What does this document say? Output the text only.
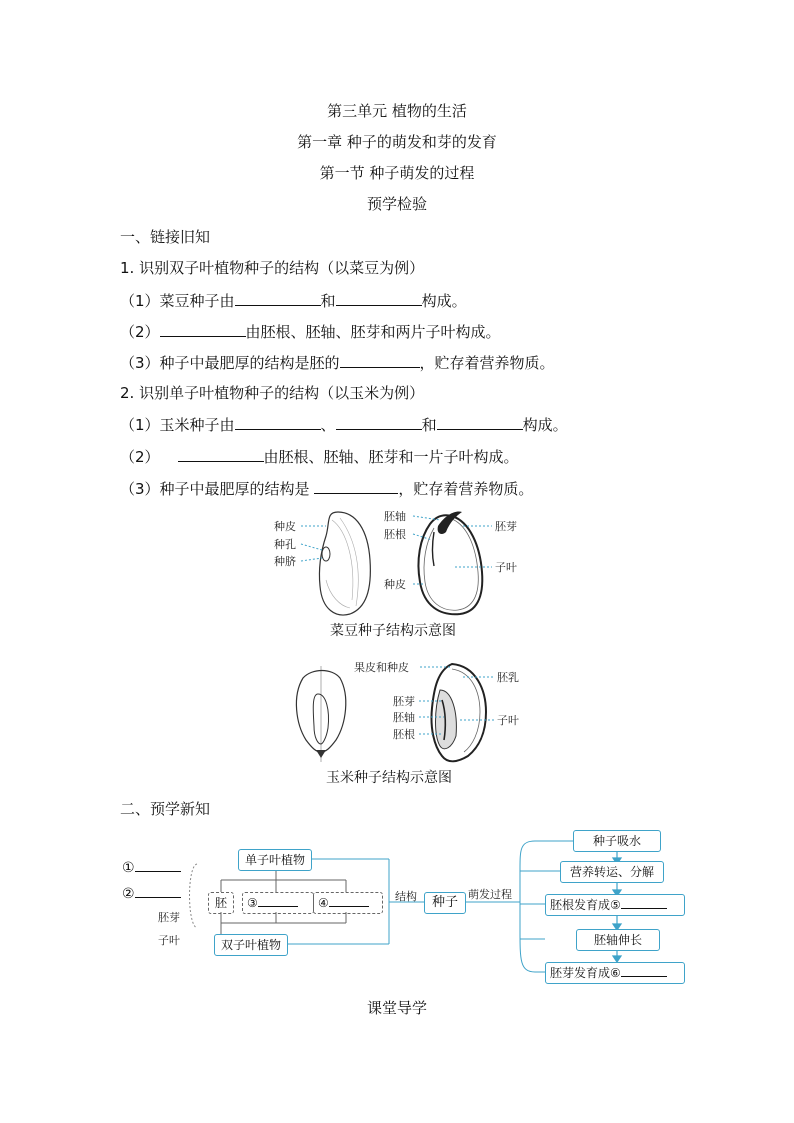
第三单元 植物的生活
第一章 种子的萌发和芽的发育
第一节 种子萌发的过程
预学检验
一、链接旧知
1. 识别双子叶植物种子的结构（以菜豆为例）
（1）菜豆种子由	和	构成。
（2）	由胚根、胚轴、胚芽和两片子叶构成。
（3）种子中最肥厚的结构是胚的	，贮存着营养物质。
2. 识别单子叶植物种子的结构（以玉米为例）
（1）玉米种子由	、	和	构成。
（2）	由胚根、胚轴、胚芽和一片子叶构成。
（3）种子中最肥厚的结构是	，贮存着营养物质。
种皮
种孔
种脐
胚轴
胚根
胚芽
子叶
种皮
菜豆种子结构示意图
果皮和种皮
胚乳
胚芽
胚轴	子叶
胚根
玉米种子结构示意图
二、预学新知
①
②
胚芽
子叶
单子叶植物
胚	③	④
双子叶植物
结构	种子
萌发过程
种子吸水
营养转运、分解
胚根发育成⑤
胚轴伸长
胚芽发育成⑥
课堂导学
